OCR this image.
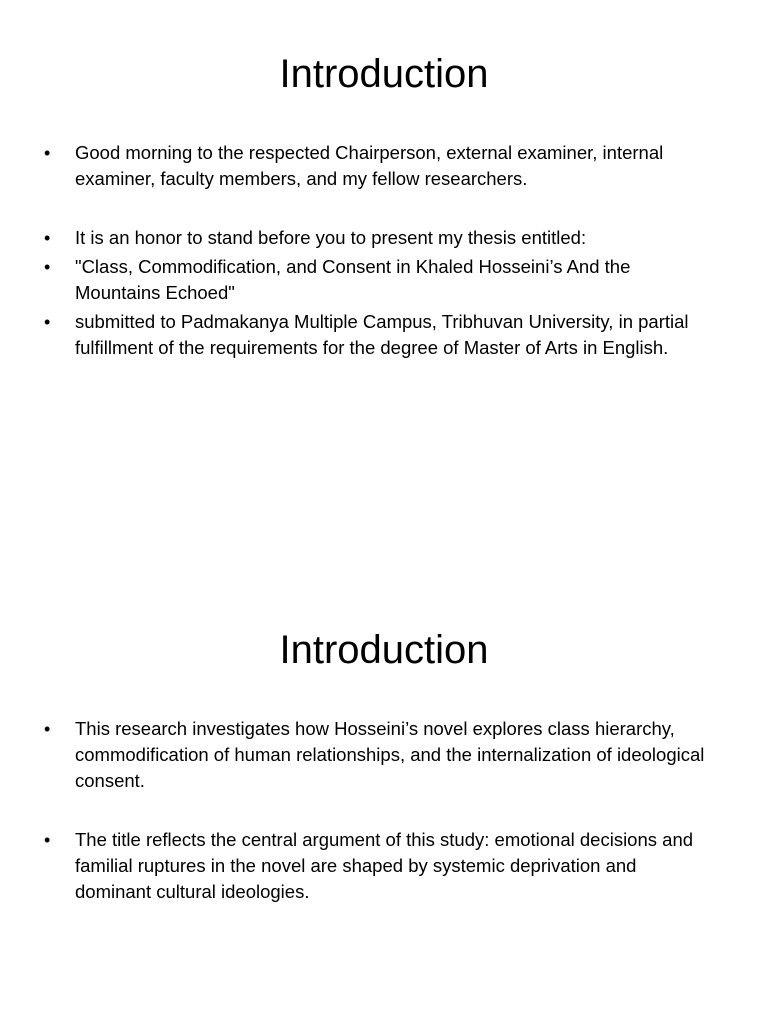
Introduction
• Good morning to the respected Chairperson, external examiner, internal examiner, faculty members, and my fellow researchers.
• It is an honor to stand before you to present my thesis entitled:
• "Class, Commodification, and Consent in Khaled Hosseini’s And the Mountains Echoed"
• submitted to Padmakanya Multiple Campus, Tribhuvan University, in partial fulfillment of the requirements for the degree of Master of Arts in English.
Introduction
• This research investigates how Hosseini’s novel explores class hierarchy, commodification of human relationships, and the internalization of ideological consent.
• The title reflects the central argument of this study: emotional decisions and familial ruptures in the novel are shaped by systemic deprivation and dominant cultural ideologies.
